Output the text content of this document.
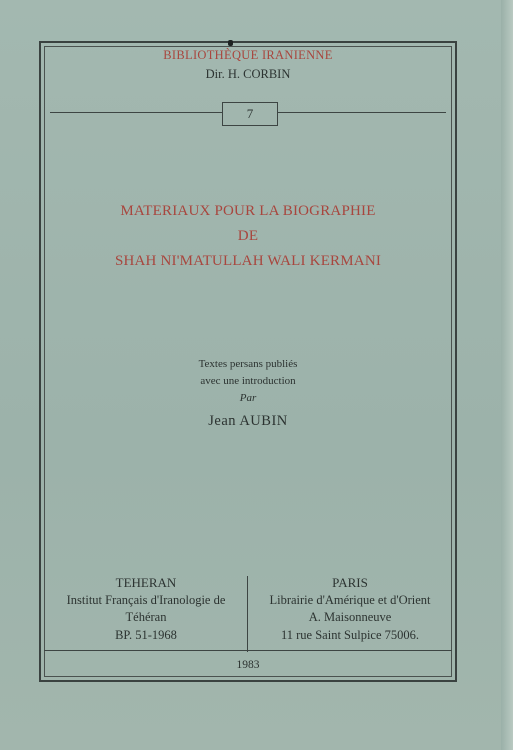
BIBLIOTHÈQUE IRANIENNE
Dir. H. CORBIN
7
MATERIAUX POUR LA BIOGRAPHIE
DE
SHAH NI'MATULLAH WALI KERMANI
Textes persans publiés
avec une introduction
Par
Jean AUBIN
TEHERAN
Institut Français d'Iranologie de
Téhéran
BP. 51-1968
PARIS
Librairie d'Amérique et d'Orient
A. Maisonneuve
11 rue Saint Sulpice 75006.
1983
